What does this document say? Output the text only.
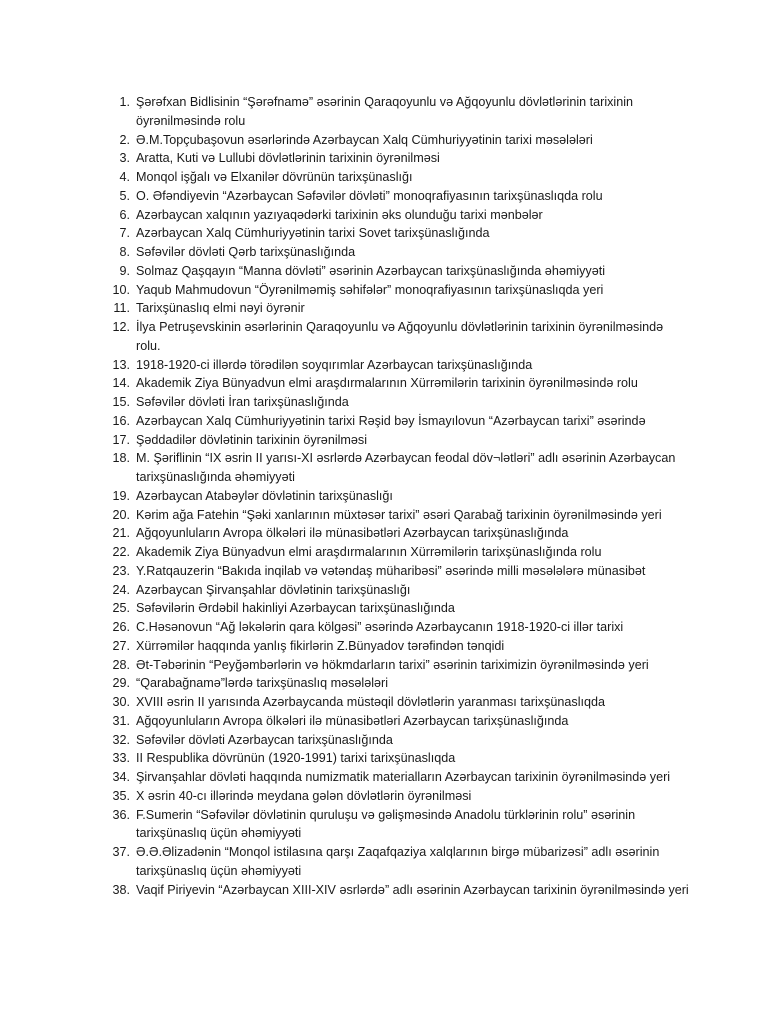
1. Şərəfxan Bidlisinin “Şərəfnamə” əsərinin Qaraqoyunlu və Ağqoyunlu dövlətlərinin tarixinin öyrənilməsində rolu
2. Ə.M.Topçubaşovun əsərlərində Azərbaycan Xalq Cümhuriyyətinin tarixi məsələləri
3. Aratta, Kuti və Lullubi dövlətlərinin tarixinin öyrənilməsi
4. Monqol işğalı və Elxanilər dövrünün tarixşünaslığı
5. O. Əfəndiyevin “Azərbaycan Səfəvilər dövləti” monoqrafiyasının tarixşünaslıqda rolu
6. Azərbaycan xalqının yazıyaqədərki tarixinin əks olunduğu tarixi mənbələr
7. Azərbaycan Xalq Cümhuriyyətinin tarixi Sovet tarixşünaslığında
8. Səfəvilər dövləti Qərb tarixşünaslığında
9. Solmaz Qaşqayın “Manna dövləti” əsərinin Azərbaycan tarixşünaslığında əhəmiyyəti
10. Yaqub Mahmudovun “Öyrənilməmiş səhifələr” monoqrafiyasının tarixşünaslıqda yeri
11. Tarixşünaslıq elmi nəyi öyrənir
12. İlya Petruşevskinin əsərlərinin Qaraqoyunlu və Ağqoyunlu dövlətlərinin tarixinin öyrənilməsində rolu.
13. 1918-1920-ci illərdə törədilən soyqırımlar Azərbaycan tarixşünaslığında
14. Akademik Ziya Bünyadvun elmi araşdırmalarının Xürrəmilərin tarixinin öyrənilməsində rolu
15. Səfəvilər dövləti İran tarixşünaslığında
16. Azərbaycan Xalq Cümhuriyyətinin tarixi Rəşid bəy İsmayılovun “Azərbaycan tarixi” əsərində
17. Şəddadilər dövlətinin tarixinin öyrənilməsi
18. M. Şəriflinin “IX əsrin II yarısı-XI əsrlərdə Azərbaycan feodal döv¬lətləri” adlı əsərinin Azərbaycan tarixşünaslığında əhəmiyyəti
19. Azərbaycan Atabəylər dövlətinin tarixşünaslığı
20. Kərim ağa Fatehin “Şəki xanlarının müxtəsər tarixi” əsəri Qarabağ tarixinin öyrənilməsində yeri
21. Ağqoyunluların Avropa ölkələri ilə münasibətləri Azərbaycan tarixşünaslığında
22. Akademik Ziya Bünyadvun elmi araşdırmalarının Xürrəmilərin tarixşünaslığında rolu
23. Y.Ratqauzerin “Bakıda inqilab və vətəndaş müharibəsi” əsərində milli məsələlərə münasibət
24. Azərbaycan Şirvanşahlar dövlətinin tarixşünaslığı
25. Səfəvilərin Ərdəbil hakinliyi Azərbaycan tarixşünaslığında
26. C.Həsənovun “Ağ ləkələrin qara kölgəsi” əsərində Azərbaycanın 1918-1920-ci illər tarixi
27. Xürrəmilər haqqında yanlış fikirlərin Z.Bünyadov tərəfindən tənqidi
28. Ət-Təbərinin “Peyğəmbərlərin və hökmdarların tarixi” əsərinin tariximizin öyrənilməsində yeri
29. “Qarabağnamə”lərdə tarixşünaslıq məsələləri
30. XVIII əsrin II yarısında Azərbaycanda müstəqil dövlətlərin yaranması tarixşünaslıqda
31. Ağqoyunluların Avropa ölkələri ilə münasibətləri Azərbaycan tarixşünaslığında
32. Səfəvilər dövləti Azərbaycan tarixşünaslığında
33. II Respublika dövrünün (1920-1991) tarixi tarixşünaslıqda
34. Şirvanşahlar dövləti haqqında numizmatik materialların Azərbaycan tarixinin öyrənilməsində yeri
35. X əsrin 40-cı illərində meydana gələn dövlətlərin öyrənilməsi
36. F.Sumerin “Səfəvilər dövlətinin quruluşu və gəlişməsində Anadolu türklərinin rolu” əsərinin tarixşünaslıq üçün əhəmiyyəti
37. Ə.Ə.Əlizadənin “Monqol istilasına qarşı Zaqafqaziya xalqlarının birgə mübarizəsi” adlı əsərinin tarixşünaslıq üçün əhəmiyyəti
38. Vaqif Piriyevin “Azərbaycan XIII-XIV əsrlərdə” adlı əsərinin Azərbaycan tarixinin öyrənilməsində yeri
